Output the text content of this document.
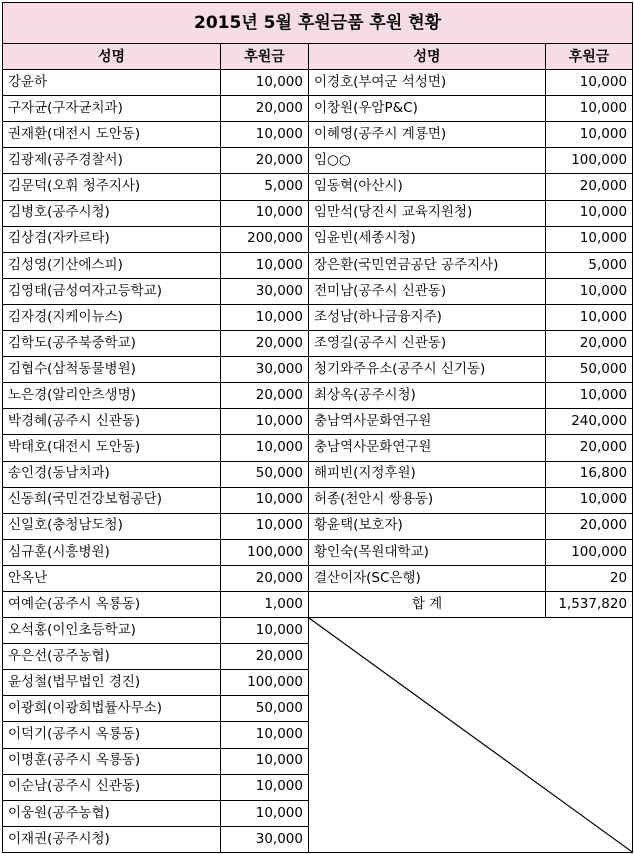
2015년 5월 후원금품 후원 현황			
성명	후원금	성명	후원금
강윤하	10,000	이경호(부여군 석성면)	10,000
구자균(구자균치과)	20,000	이창원(우암P&C)	10,000
권재환(대전시 도안동)	10,000	이혜영(공주시 계룡면)	10,000
김광제(공주경찰서)	20,000	임○○	100,000
김문덕(오휘 청주지사)	5,000	임동혁(아산시)	20,000
김병호(공주시청)	10,000	임만석(당진시 교육지원청)	10,000
김상겸(자카르타)	200,000	임윤빈(세종시청)	10,000
김성영(기산에스피)	10,000	장은환(국민연금공단 공주지사)	5,000
김영태(금성여자고등학교)	30,000	전미남(공주시 신관동)	10,000
김자경(지케이뉴스)	10,000	조성남(하나금융지주)	10,000
김학도(공주북중학교)	20,000	조영길(공주시 신관동)	20,000
김협수(삼척동물병원)	30,000	청기와주유소(공주시 신기동)	50,000
노은경(알리안츠생명)	20,000	최상옥(공주시청)	10,000
박경혜(공주시 신관동)	10,000	충남역사문화연구원	240,000
박태호(대전시 도안동)	10,000	충남역사문화연구원	20,000
송인경(동남치과)	50,000	해피빈(지정후원)	16,800
신동희(국민건강보험공단)	10,000	허종(천안시 쌍용동)	10,000
신일호(충청남도청)	10,000	황윤택(보호자)	20,000
심규훈(시흥병원)	100,000	황인숙(목원대학교)	100,000
안옥난	20,000	결산이자(SC은행)	20
여예순(공주시 옥룡동)	1,000	합 계	1,537,820
오석홍(이인초등학교)	10,000	

우은선(공주농협)	20,000		
윤성철(법무법인 경진)	100,000		
이광희(이광희법률사무소)	50,000		
이덕기(공주시 옥룡동)	10,000		
이명훈(공주시 옥룡동)	10,000		
이순남(공주시 신관동)	10,000		
이웅원(공주농협)	10,000		
이재권(공주시청)	30,000		
